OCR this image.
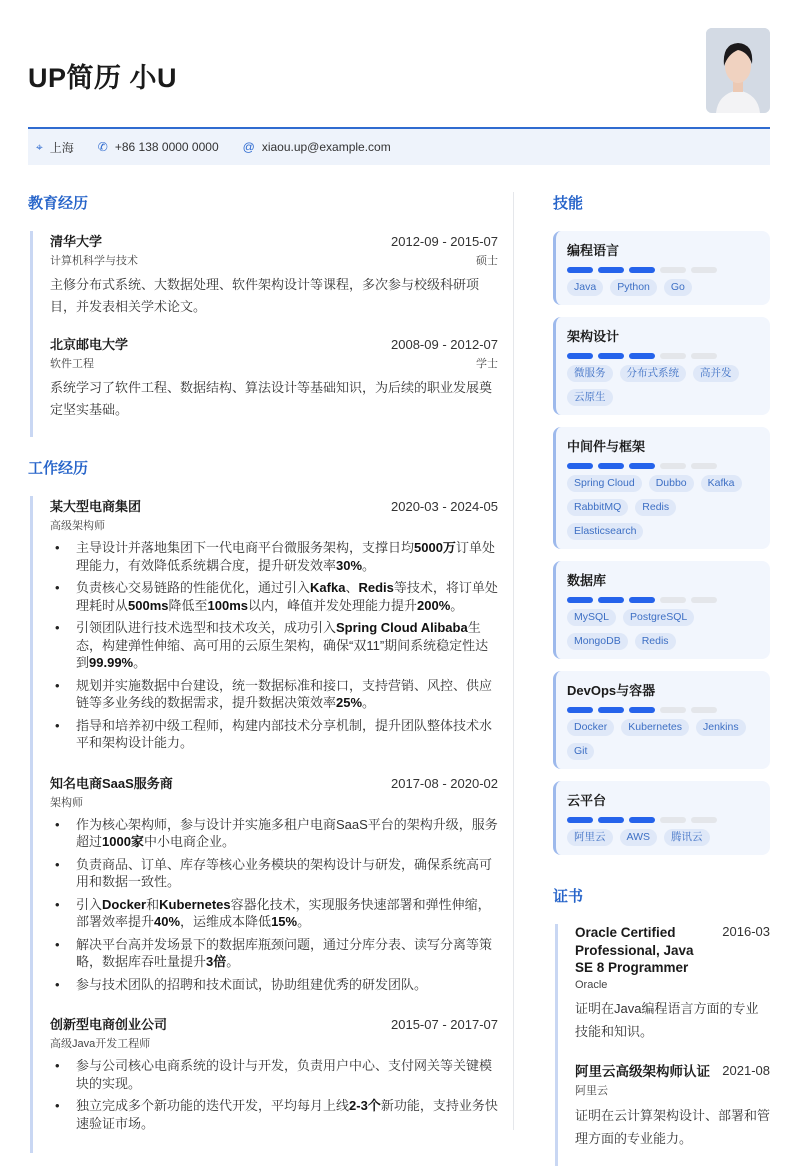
UP简历 小U
⌖ 上海 ✆ +86 138 0000 0000 @ xiaou.up@example.com
教育经历
清华大学	2012-09 - 2015-07
计算机科学与技术	硕士
主修分布式系统、大数据处理、软件架构设计等课程，多次参与校级科研项目，并发表相关学术论文。
北京邮电大学	2008-09 - 2012-07
软件工程	学士
系统学习了软件工程、数据结构、算法设计等基础知识，为后续的职业发展奠定坚实基础。
工作经历
某大型电商集团	2020-03 - 2024-05
高级架构师
• 主导设计并落地集团下一代电商平台微服务架构，支撑日均5000万订单处理能力，有效降低系统耦合度，提升研发效率30%。
• 负责核心交易链路的性能优化，通过引入Kafka、Redis等技术，将订单处理耗时从500ms降低至100ms以内，峰值并发处理能力提升200%。
• 引领团队进行技术选型和技术攻关，成功引入Spring Cloud Alibaba生态，构建弹性伸缩、高可用的云原生架构，确保“双11”期间系统稳定性达到99.99%。
• 规划并实施数据中台建设，统一数据标准和接口，支持营销、风控、供应链等多业务线的数据需求，提升数据决策效率25%。
• 指导和培养初中级工程师，构建内部技术分享机制，提升团队整体技术水平和架构设计能力。
知名电商SaaS服务商	2017-08 - 2020-02
架构师
• 作为核心架构师，参与设计并实施多租户电商SaaS平台的架构升级，服务超过1000家中小电商企业。
• 负责商品、订单、库存等核心业务模块的架构设计与研发，确保系统高可用和数据一致性。
• 引入Docker和Kubernetes容器化技术，实现服务快速部署和弹性伸缩，部署效率提升40%，运维成本降低15%。
• 解决平台高并发场景下的数据库瓶颈问题，通过分库分表、读写分离等策略，数据库吞吐量提升3倍。
• 参与技术团队的招聘和技术面试，协助组建优秀的研发团队。
创新型电商创业公司	2015-07 - 2017-07
高级Java开发工程师
• 参与公司核心电商系统的设计与开发，负责用户中心、支付网关等关键模块的实现。
• 独立完成多个新功能的迭代开发，平均每月上线2-3个新功能，支持业务快速验证市场。
技能
编程语言
Java	Python	Go
架构设计
微服务	分布式系统	高并发
云原生
中间件与框架
Spring Cloud	Dubbo	Kafka
RabbitMQ	Redis
Elasticsearch
数据库
MySQL	PostgreSQL
MongoDB	Redis
DevOps与容器
Docker	Kubernetes	Jenkins
Git
云平台
阿里云	AWS	腾讯云
证书
Oracle Certified Professional, Java SE 8 Programmer
2016-03
Oracle
证明在Java编程语言方面的专业技能和知识。
阿里云高级架构师认证 2021-08
阿里云
证明在云计算架构设计、部署和管理方面的专业能力。
